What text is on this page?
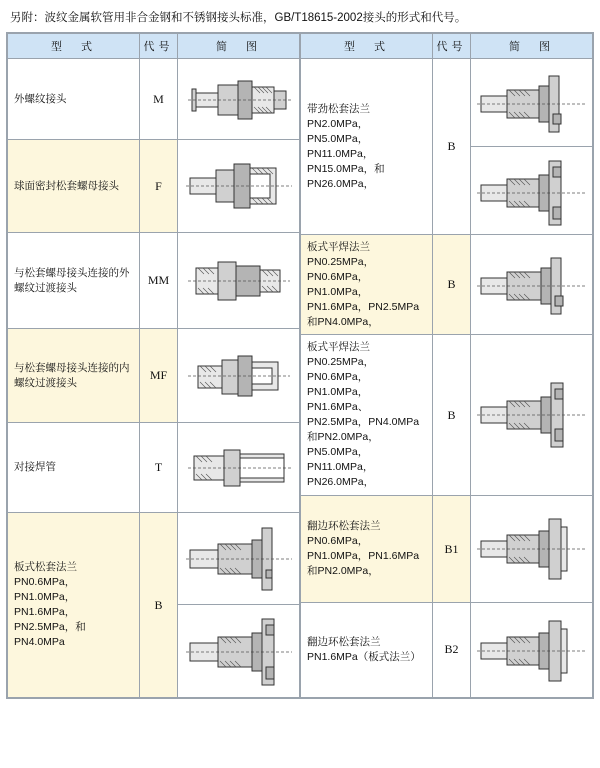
另附：波纹金属软管用非合金钢和不锈钢接头标准，GB/T18615-2002接头的形式和代号。
型　式	代号	简　图
外螺纹接头	M	

球面密封松套螺母接头	F	

与松套螺母接头连接的外螺纹过渡接头	MM	

与松套螺母接头连接的内螺纹过渡接头	MF	

对接焊管	T	

板式松套法兰
PN0.6MPa，PN1.0MPa，PN1.6MPa，PN2.5MPa，和PN4.0MPa	B	
型　式	代号	简　图
带劲松套法兰
PN2.0MPa，PN5.0MPa，PN11.0MPa，PN15.0MPa，和PN26.0MPa，	B	

板式平焊法兰
PN0.25MPa，PN0.6MPa，PN1.0MPa，PN1.6MPa，PN2.5MPa和PN4.0MPa，	B	

板式平焊法兰
PN0.25MPa，PN0.6MPa，PN1.0MPa，PN1.6MPa、PN2.5MPa，PN4.0MPa和PN2.0MPa，PN5.0MPa，PN11.0MPa，PN26.0MPa，	B	

翻边环松套法兰
PN0.6MPa，PN1.0MPa，PN1.6MPa和PN2.0MPa，	B1	

翻边环松套法兰
PN1.6MPa（板式法兰）	B2	
